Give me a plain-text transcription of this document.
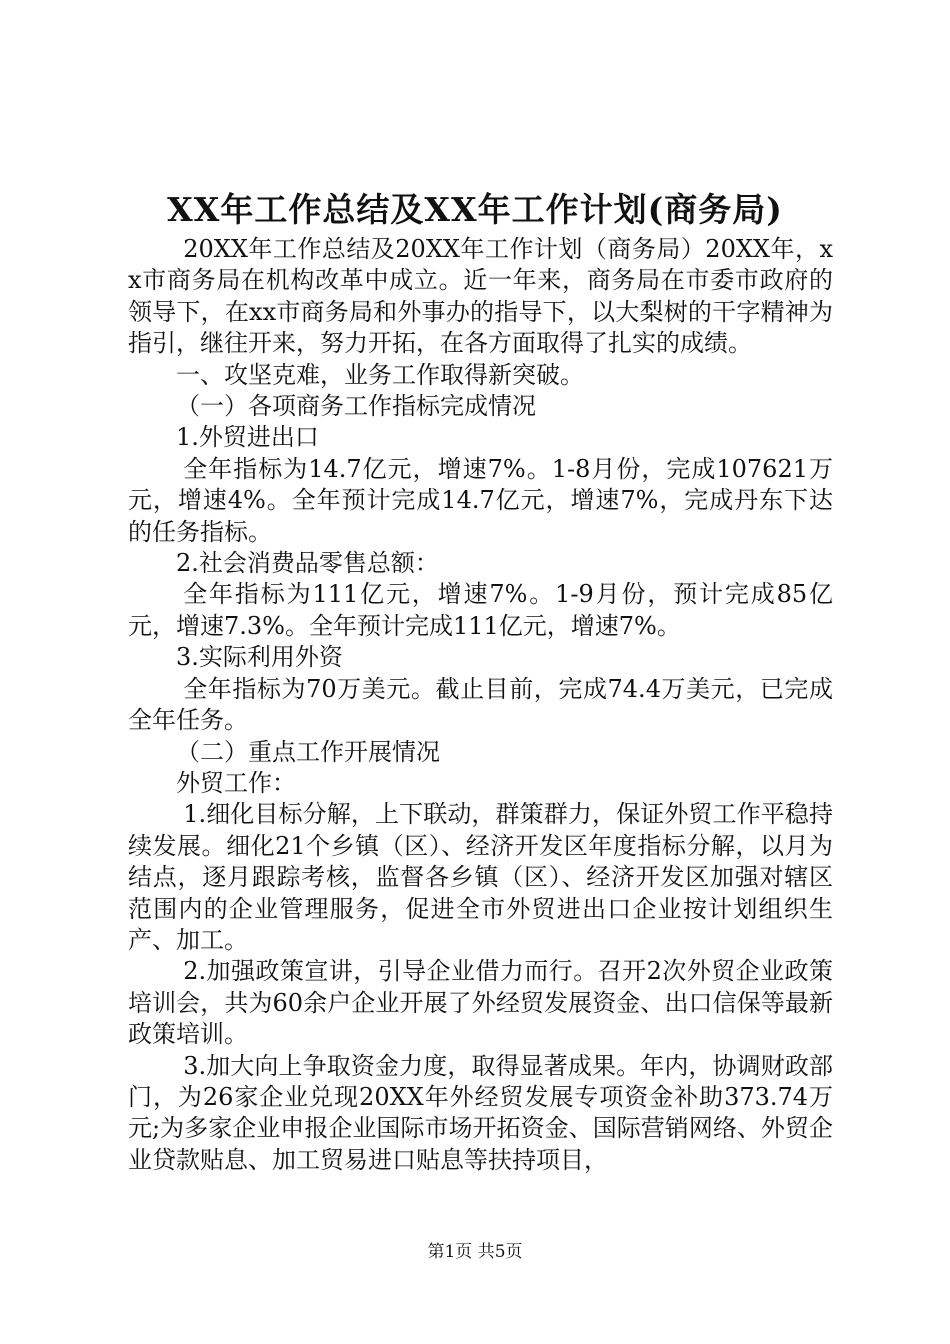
XX年工作总结及XX年工作计划(商务局)

20XX年工作总结及20XX年工作计划（商务局）20XX年，xx市商务局在机构改革中成立。近一年来，商务局在市委市政府的领导下，在xx市商务局和外事办的指导下，以大梨树的干字精神为指引，继往开来，努力开拓，在各方面取得了扎实的成绩。

一、攻坚克难，业务工作取得新突破。

（一）各项商务工作指标完成情况

1.外贸进出口

全年指标为14.7亿元，增速7%。1-8月份，完成107621万元，增速4%。全年预计完成14.7亿元，增速7%，完成丹东下达的任务指标。

2.社会消费品零售总额：

全年指标为111亿元，增速7%。1-9月份，预计完成85亿元，增速7.3%。全年预计完成111亿元，增速7%。

3.实际利用外资

全年指标为70万美元。截止目前，完成74.4万美元，已完成全年任务。

（二）重点工作开展情况

外贸工作：

1.细化目标分解，上下联动，群策群力，保证外贸工作平稳持续发展。细化21个乡镇（区）、经济开发区年度指标分解，以月为结点，逐月跟踪考核，监督各乡镇（区）、经济开发区加强对辖区范围内的企业管理服务，促进全市外贸进出口企业按计划组织生产、加工。

2.加强政策宣讲，引导企业借力而行。召开2次外贸企业政策培训会，共为60余户企业开展了外经贸发展资金、出口信保等最新政策培训。

3.加大向上争取资金力度，取得显著成果。年内，协调财政部门，为26家企业兑现20XX年外经贸发展专项资金补助373.74万元;为多家企业申报企业国际市场开拓资金、国际营销网络、外贸企业贷款贴息、加工贸易进口贴息等扶持项目，

第1页 共5页
